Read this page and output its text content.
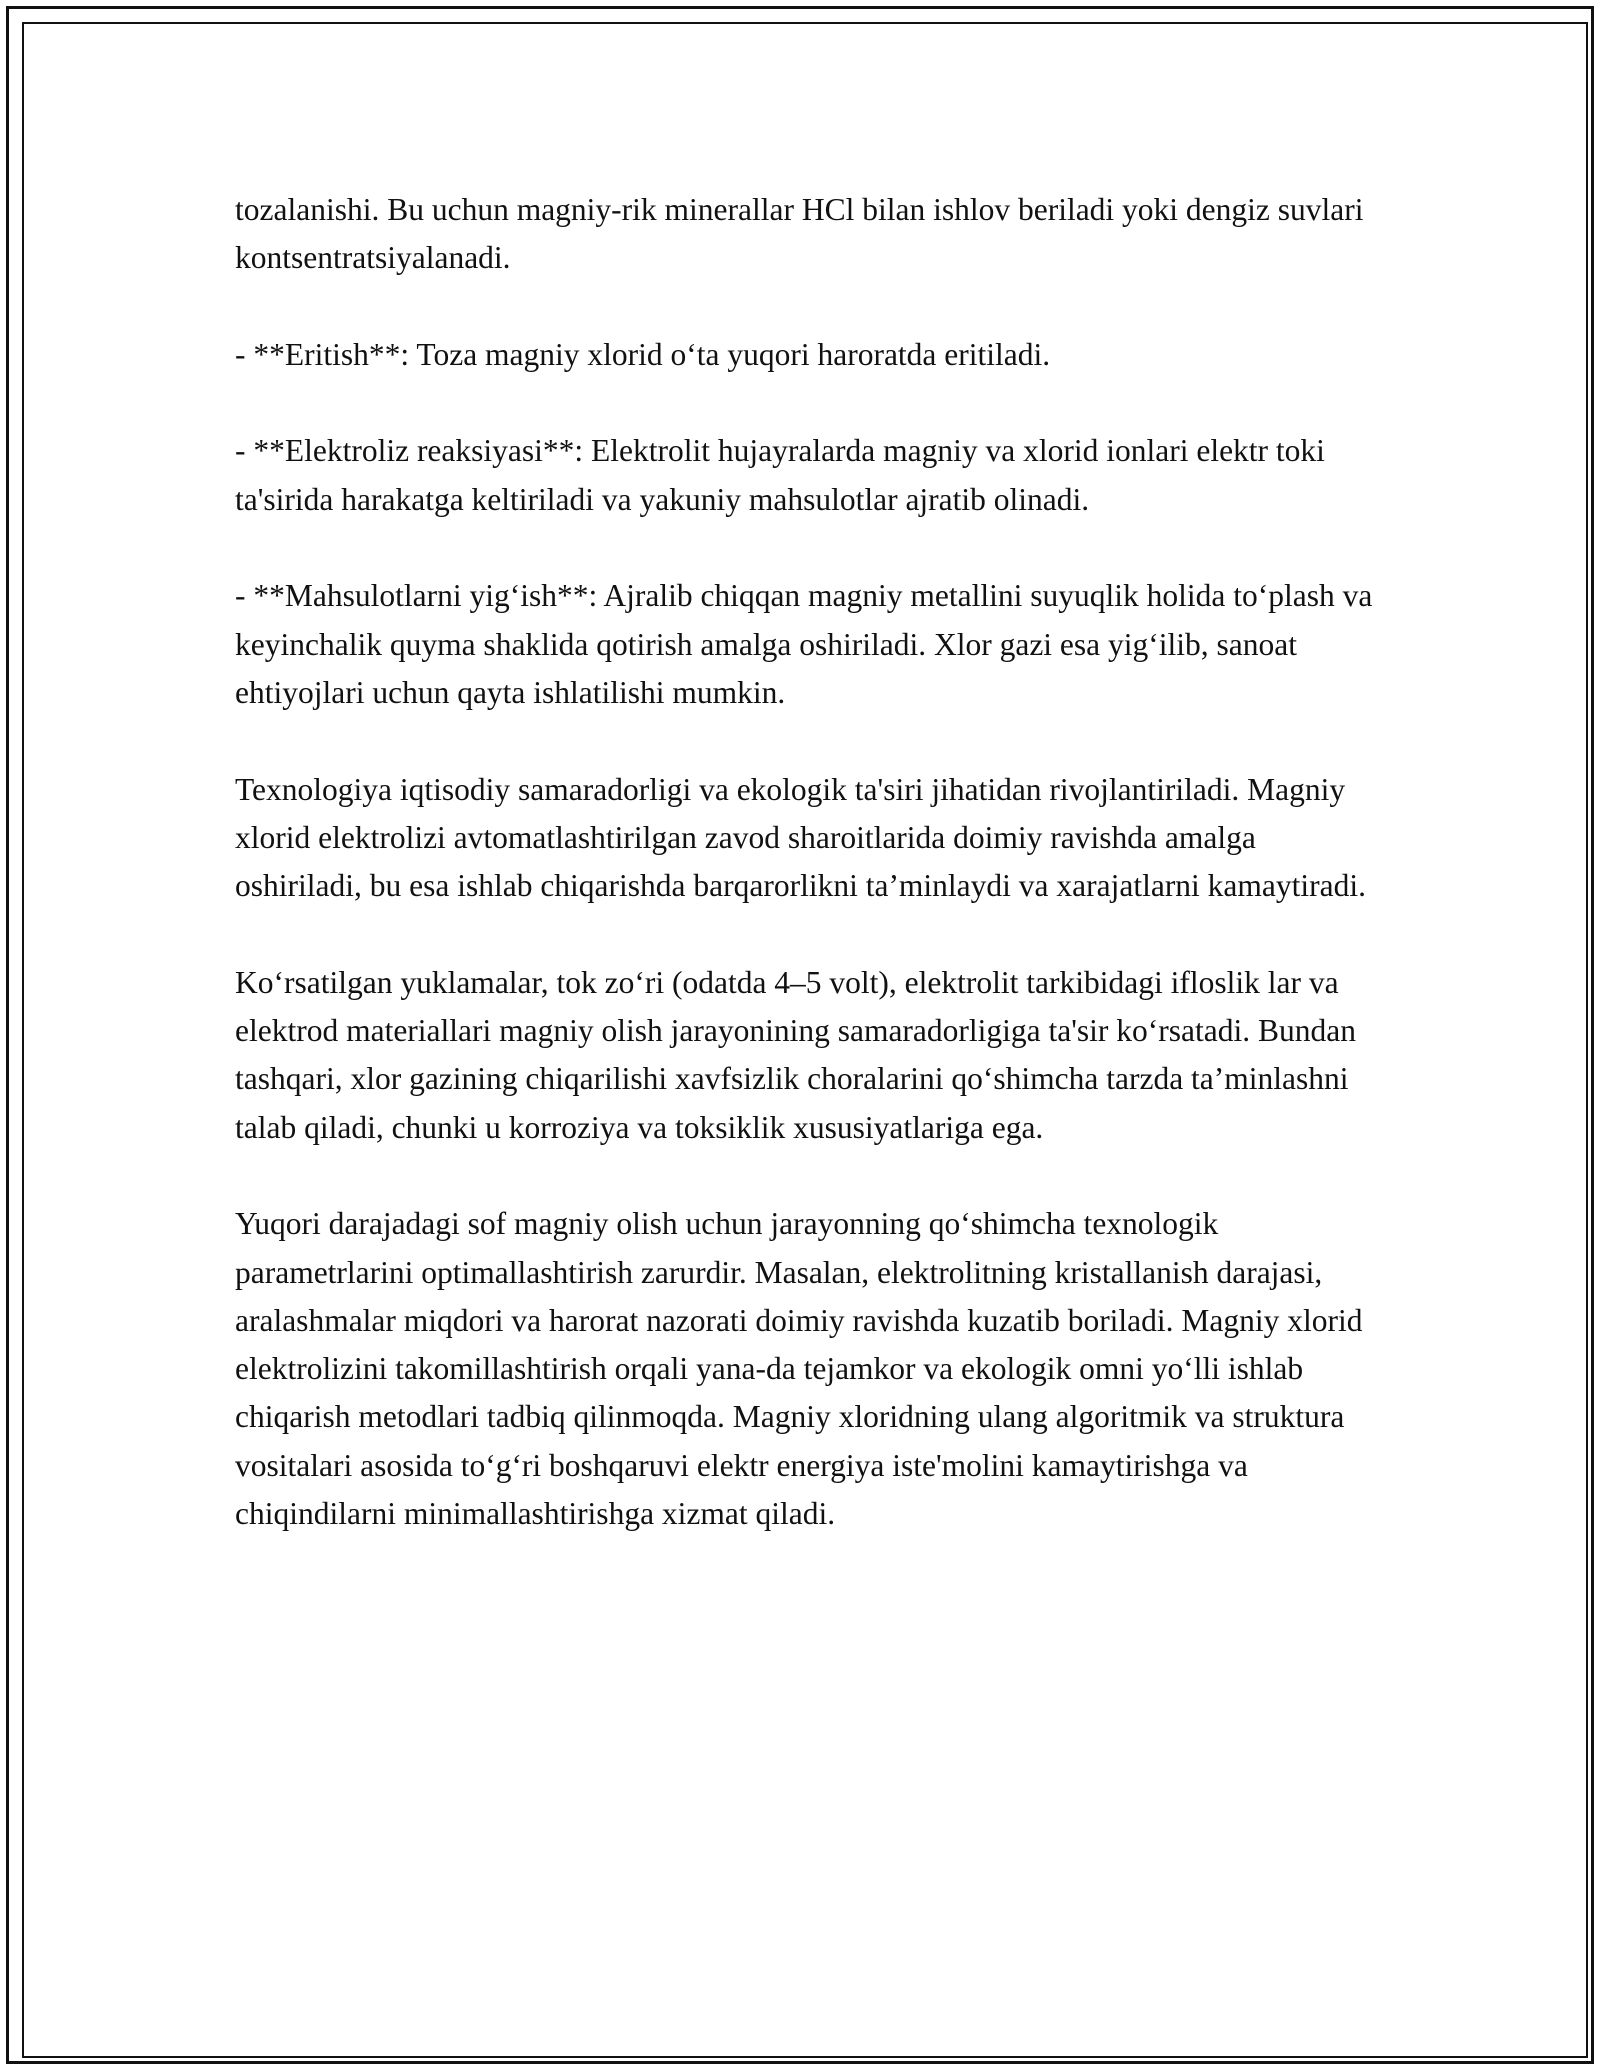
tozalanishi. Bu uchun magniy-rik minerallar HCl bilan ishlov beriladi yoki dengiz suvlari kontsentratsiyalanadi.

- **Eritish**: Toza magniy xlorid o‘ta yuqori haroratda eritiladi.

- **Elektroliz reaksiyasi**: Elektrolit hujayralarda magniy va xlorid ionlari elektr toki ta'sirida harakatga keltiriladi va yakuniy mahsulotlar ajratib olinadi.

- **Mahsulotlarni yig‘ish**: Ajralib chiqqan magniy metallini suyuqlik holida to‘plash va keyinchalik quyma shaklida qotirish amalga oshiriladi. Xlor gazi esa yig‘ilib, sanoat ehtiyojlari uchun qayta ishlatilishi mumkin.

Texnologiya iqtisodiy samaradorligi va ekologik ta'siri jihatidan rivojlantiriladi. Magniy xlorid elektrolizi avtomatlashtirilgan zavod sharoitlarida doimiy ravishda amalga oshiriladi, bu esa ishlab chiqarishda barqarorlikni ta’minlaydi va xarajatlarni kamaytiradi.

Ko‘rsatilgan yuklamalar, tok zo‘ri (odatda 4–5 volt), elektrolit tarkibidagi ifloslik lar va elektrod materiallari magniy olish jarayonining samaradorligiga ta'sir ko‘rsatadi. Bundan tashqari, xlor gazining chiqarilishi xavfsizlik choralarini qo‘shimcha tarzda ta’minlashni talab qiladi, chunki u korroziya va toksiklik xususiyatlariga ega.

Yuqori darajadagi sof magniy olish uchun jarayonning qo‘shimcha texnologik parametrlarini optimallashtirish zarurdir. Masalan, elektrolitning kristallanish darajasi, aralashmalar miqdori va harorat nazorati doimiy ravishda kuzatib boriladi. Magniy xlorid elektrolizini takomillashtirish orqali yana-da tejamkor va ekologik omni yo‘lli ishlab chiqarish metodlari tadbiq qilinmoqda. Magniy xloridning ulang algoritmik va struktura vositalari asosida to‘g‘ri boshqaruvi elektr energiya iste'molini kamaytirishga va chiqindilarni minimallashtirishga xizmat qiladi.
